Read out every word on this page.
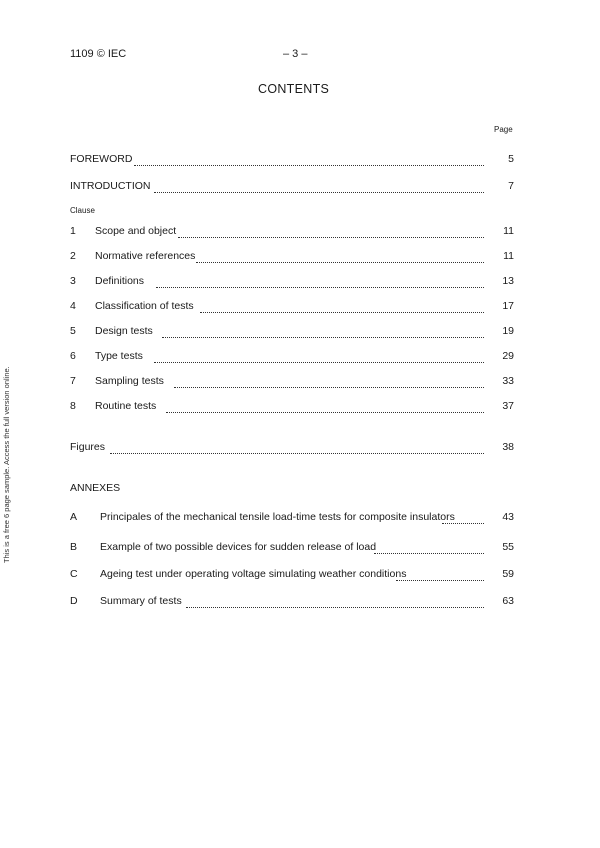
1109 © IEC	– 3 –
CONTENTS
Page
FOREWORD	5
INTRODUCTION	7
Clause
1 Scope and object	11
2 Normative references	11
3 Definitions	13
4 Classification of tests	17
5 Design tests	19
6 Type tests	29
7 Sampling tests	33
8 Routine tests	37
Figures	38
ANNEXES
A Principales of the mechanical tensile load-time tests for composite insulators	43
B Example of two possible devices for sudden release of load	55
C Ageing test under operating voltage simulating weather conditions	59
D Summary of tests	63
This is a free 6 page sample. Access the full version online.
